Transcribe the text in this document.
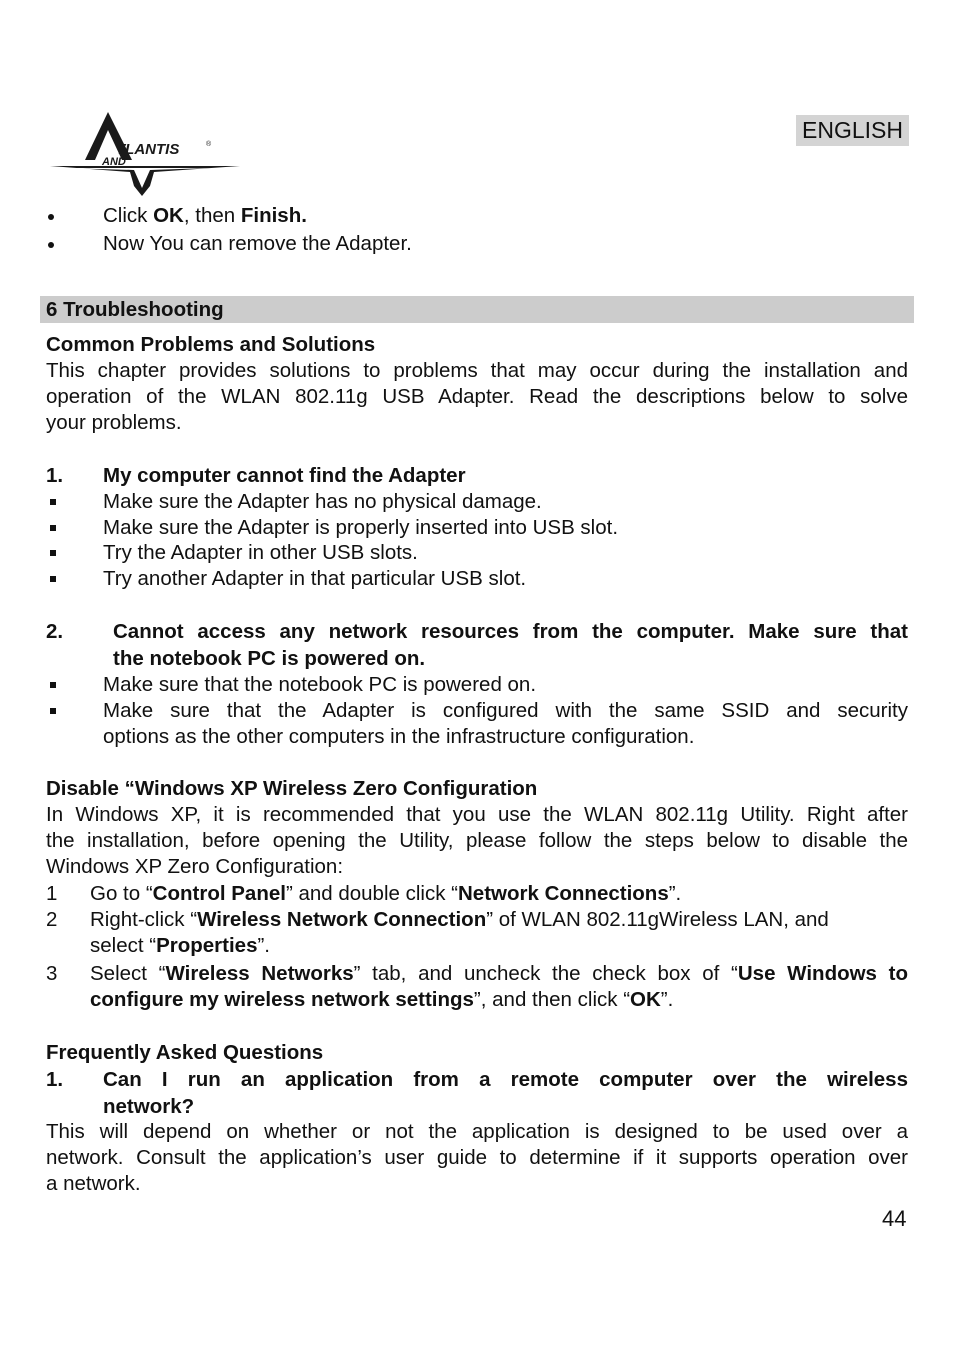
TLANTIS	®
AND
ENGLISH
Click OK, then Finish.
Now You can remove the Adapter.
6 Troubleshooting
Common Problems and Solutions
This chapter provides solutions to problems that may occur during the installation and
operation of the WLAN 802.11g USB Adapter. Read the descriptions below to solve
your problems.
1.	My computer cannot find the Adapter
Make sure the Adapter has no physical damage.
Make sure the Adapter is properly inserted into USB slot.
Try the Adapter in other USB slots.
Try another Adapter in that particular USB slot.
2.	Cannot access any network resources from the computer. Make sure that
the notebook PC is powered on.
Make sure that the notebook PC is powered on.
Make sure that the Adapter is configured with the same SSID and security
options as the other computers in the infrastructure configuration.
Disable “Windows XP Wireless Zero Configuration
In Windows XP, it is recommended that you use the WLAN 802.11g Utility. Right after
the installation, before opening the Utility, please follow the steps below to disable the
Windows XP Zero Configuration:
1	Go to “Control Panel” and double click “Network Connections”.
2	Right-click “Wireless Network Connection” of WLAN 802.11gWireless LAN, and
select “Properties”.
3	Select “Wireless Networks” tab, and uncheck the check box of “Use Windows to
configure my wireless network settings”, and then click “OK”.
Frequently Asked Questions
1.	Can I run an application from a remote computer over the wireless
network?
This will depend on whether or not the application is designed to be used over a
network. Consult the application’s user guide to determine if it supports operation over
a network.
44
